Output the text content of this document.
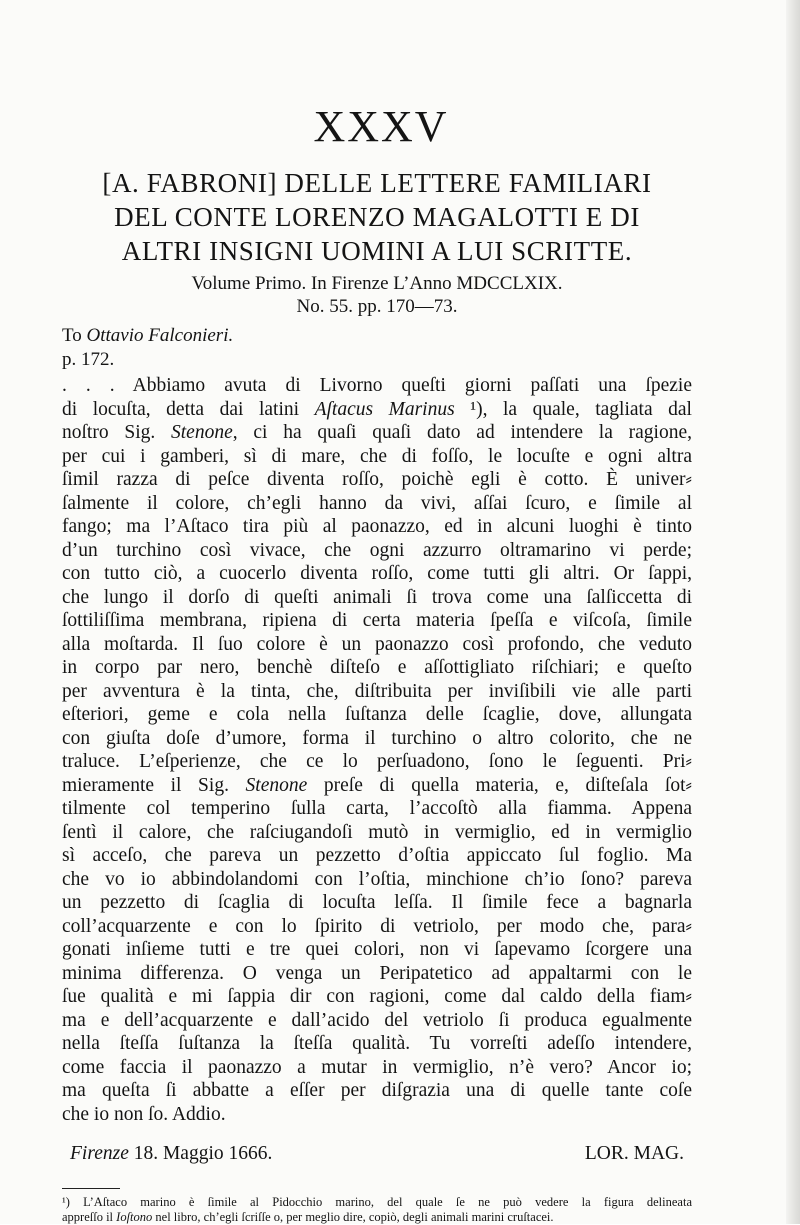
XXXV
[A. FABRONI] DELLE LETTERE FAMILIARI
DEL CONTE LORENZO MAGALOTTI E DI
ALTRI INSIGNI UOMINI A LUI SCRITTE.
Volume Primo. In Firenze L’Anno MDCCLXIX.
No. 55. pp. 170—73.
To Ottavio Falconieri.
p. 172.
. . . Abbiamo avuta di Livorno queſti giorni paſſati una ſpezie
di locuſta, detta dai latini Aſtacus Marinus ¹), la quale, tagliata dal
noſtro Sig. Stenone, ci ha quaſi quaſi dato ad intendere la ragione,
per cui i gamberi, sì di mare, che di foſſo, le locuſte e ogni altra
ſimil razza di peſce diventa roſſo, poichè egli è cotto. È univer⸗
ſalmente il colore, ch’egli hanno da vivi, aſſai ſcuro, e ſimile al
fango; ma l’Aſtaco tira più al paonazzo, ed in alcuni luoghi è tinto
d’un turchino così vivace, che ogni azzurro oltramarino vi perde;
con tutto ciò, a cuocerlo diventa roſſo, come tutti gli altri. Or ſappi,
che lungo il dorſo di queſti animali ſi trova come una ſalſiccetta di
ſottiliſſima membrana, ripiena di certa materia ſpeſſa e viſcoſa, ſimile
alla moſtarda. Il ſuo colore è un paonazzo così profondo, che veduto
in corpo par nero, benchè diſteſo e aſſottigliato riſchiari; e queſto
per avventura è la tinta, che, diſtribuita per inviſibili vie alle parti
eſteriori, geme e cola nella ſuſtanza delle ſcaglie, dove, allungata
con giuſta doſe d’umore, forma il turchino o altro colorito, che ne
traluce. L’eſperienze, che ce lo perſuadono, ſono le ſeguenti. Pri⸗
mieramente il Sig. Stenone preſe di quella materia, e, diſteſala ſot⸗
tilmente col temperino ſulla carta, l’accoſtò alla fiamma. Appena
ſentì il calore, che raſciugandoſi mutò in vermiglio, ed in vermiglio
sì acceſo, che pareva un pezzetto d’oſtia appiccato ſul foglio. Ma
che vo io abbindolandomi con l’oſtia, minchione ch’io ſono? pareva
un pezzetto di ſcaglia di locuſta leſſa. Il ſimile fece a bagnarla
coll’acquarzente e con lo ſpirito di vetriolo, per modo che, para⸗
gonati inſieme tutti e tre quei colori, non vi ſapevamo ſcorgere una
minima differenza. O venga un Peripatetico ad appaltarmi con le
ſue qualità e mi ſappia dir con ragioni, come dal caldo della fiam⸗
ma e dell’acquarzente e dall’acido del vetriolo ſi produca egualmente
nella ſteſſa ſuſtanza la ſteſſa qualità. Tu vorreſti adeſſo intendere,
come faccia il paonazzo a mutar in vermiglio, n’è vero? Ancor io;
ma queſta ſi abbatte a eſſer per diſgrazia una di quelle tante coſe
che io non ſo. Addio.
Firenze 18. Maggio 1666.	LOR. MAG.
¹) L’Aſtaco marino è ſimile al Pidocchio marino, del quale ſe ne può vedere la figura delineata
appreſſo il Ioſtono nel libro, ch’egli ſcriſſe o, per meglio dire, copiò, degli animali marini cruſtacei.
